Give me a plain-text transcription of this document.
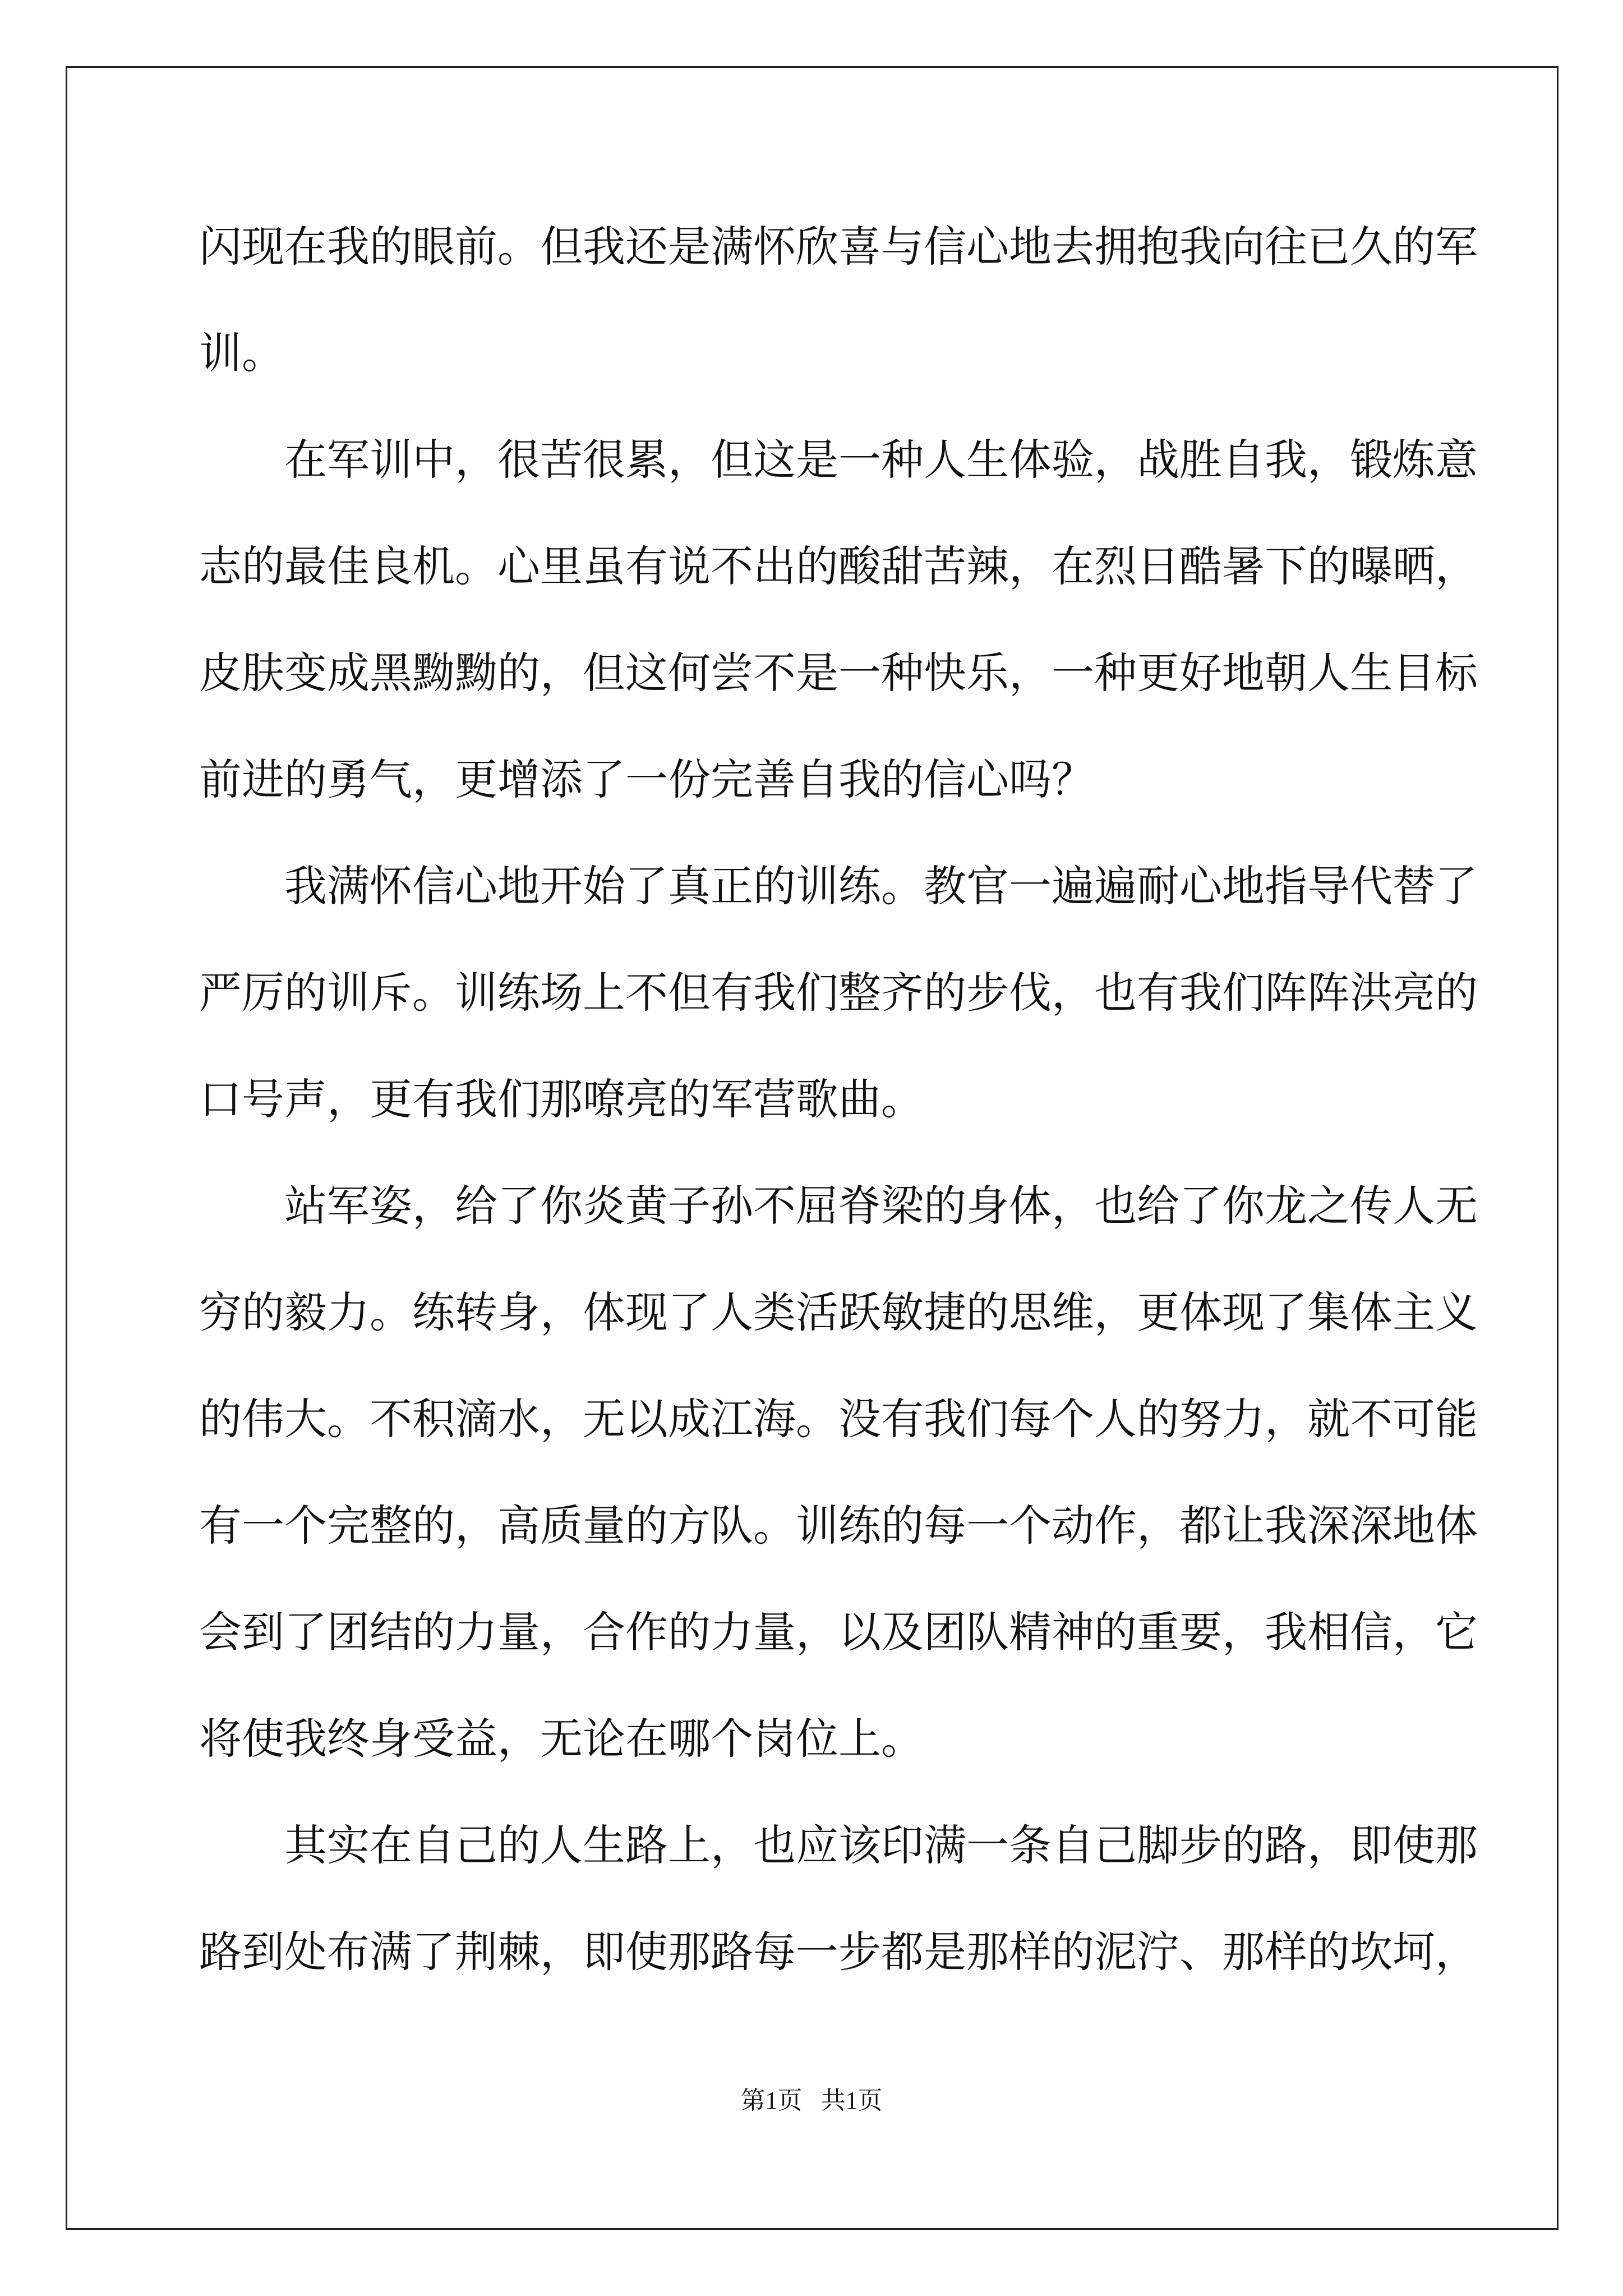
闪现在我的眼前。但我还是满怀欣喜与信心地去拥抱我向往已久的军
训。
在军训中，很苦很累，但这是一种人生体验，战胜自我，锻炼意
志的最佳良机。心里虽有说不出的酸甜苦辣，在烈日酷暑下的曝晒，
皮肤变成黑黝黝的，但这何尝不是一种快乐，一种更好地朝人生目标
前进的勇气，更增添了一份完善自我的信心吗？
我满怀信心地开始了真正的训练。教官一遍遍耐心地指导代替了
严厉的训斥。训练场上不但有我们整齐的步伐，也有我们阵阵洪亮的
口号声，更有我们那嘹亮的军营歌曲。
站军姿，给了你炎黄子孙不屈脊梁的身体，也给了你龙之传人无
穷的毅力。练转身，体现了人类活跃敏捷的思维，更体现了集体主义
的伟大。不积滴水，无以成江海。没有我们每个人的努力，就不可能
有一个完整的，高质量的方队。训练的每一个动作，都让我深深地体
会到了团结的力量，合作的力量，以及团队精神的重要，我相信，它
将使我终身受益，无论在哪个岗位上。
其实在自己的人生路上，也应该印满一条自己脚步的路，即使那
路到处布满了荆棘，即使那路每一步都是那样的泥泞、那样的坎坷，
第1页   共1页
